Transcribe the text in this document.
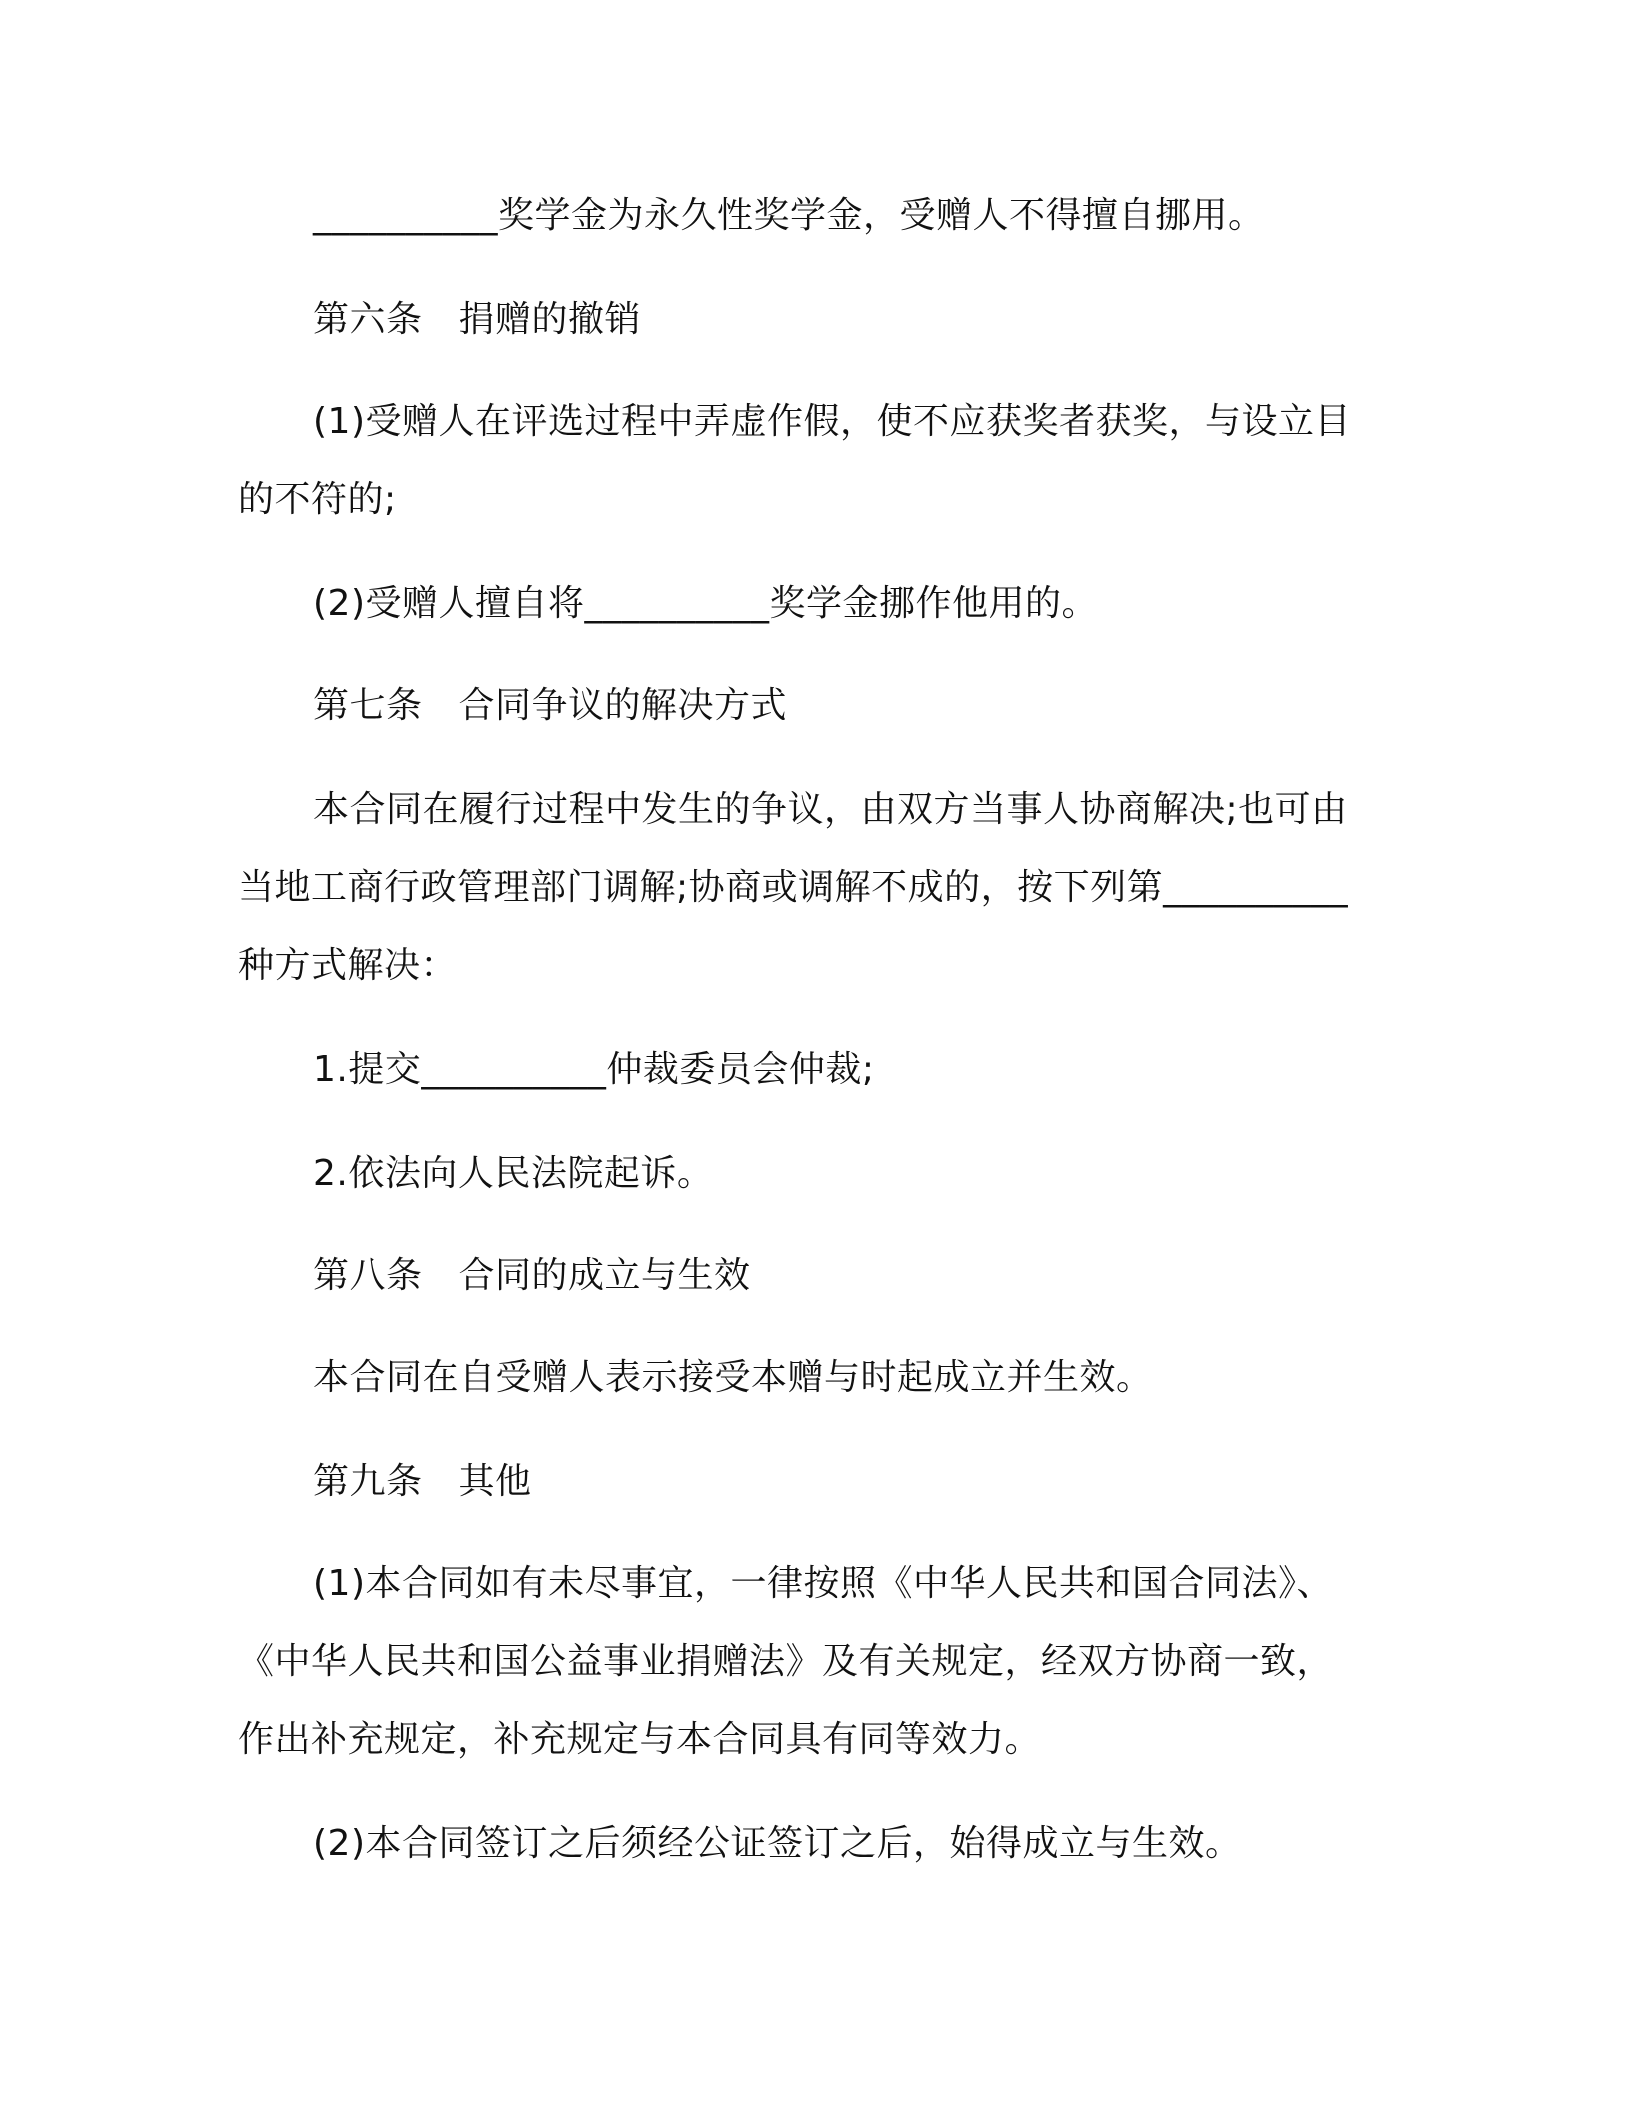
__________奖学金为永久性奖学金，受赠人不得擅自挪用。
第六条 捐赠的撤销
(1)受赠人在评选过程中弄虚作假，使不应获奖者获奖，与设立目
的不符的;
(2)受赠人擅自将__________奖学金挪作他用的。
第七条 合同争议的解决方式
本合同在履行过程中发生的争议，由双方当事人协商解决;也可由
当地工商行政管理部门调解;协商或调解不成的，按下列第__________
种方式解决：
1.提交__________仲裁委员会仲裁;
2.依法向人民法院起诉。
第八条 合同的成立与生效
本合同在自受赠人表示接受本赠与时起成立并生效。
第九条 其他
(1)本合同如有未尽事宜，一律按照《中华人民共和国合同法》、
《中华人民共和国公益事业捐赠法》及有关规定，经双方协商一致，
作出补充规定，补充规定与本合同具有同等效力。
(2)本合同签订之后须经公证签订之后，始得成立与生效。
